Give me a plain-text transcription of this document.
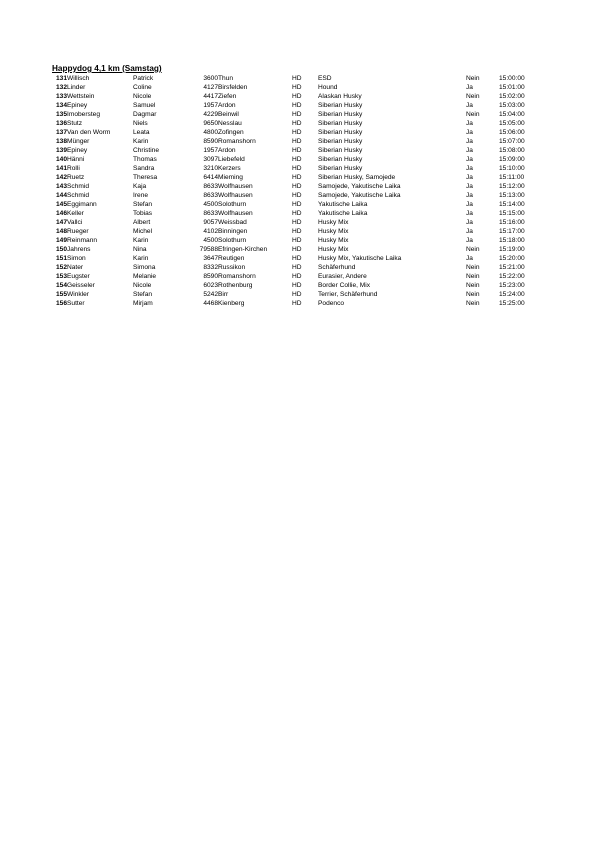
Happydog 4,1 km (Samstag)
131	Willisch	Patrick	3600	Thun	HD	ESD	Nein	15:00:00
132	Linder	Coline	4127	Birsfelden	HD	Hound	Ja	15:01:00
133	Wettstein	Nicole	4417	Ziefen	HD	Alaskan Husky	Nein	15:02:00
134	Epiney	Samuel	1957	Ardon	HD	Siberian Husky	Ja	15:03:00
135	Imobersteg	Dagmar	4229	Beinwil	HD	Siberian Husky	Nein	15:04:00
136	Stutz	Niels	9650	Nesslau	HD	Siberian Husky	Ja	15:05:00
137	Van den Worm	Leata	4800	Zofingen	HD	Siberian Husky	Ja	15:06:00
138	Münger	Karin	8590	Romanshorn	HD	Siberian Husky	Ja	15:07:00
139	Epiney	Christine	1957	Ardon	HD	Siberian Husky	Ja	15:08:00
140	Hänni	Thomas	3097	Liebefeld	HD	Siberian Husky	Ja	15:09:00
141	Rolli	Sandra	3210	Kerzers	HD	Siberian Husky	Ja	15:10:00
142	Ruetz	Theresa	6414	Mieming	HD	Siberian Husky, Samojede	Ja	15:11:00
143	Schmid	Kaja	8633	Wolfhausen	HD	Samojede, Yakutische Laika	Ja	15:12:00
144	Schmid	Irene	8633	Wolfhausen	HD	Samojede, Yakutische Laika	Ja	15:13:00
145	Eggimann	Stefan	4500	Solothurn	HD	Yakutische Laika	Ja	15:14:00
146	Keller	Tobias	8633	Wolfhausen	HD	Yakutische Laika	Ja	15:15:00
147	Vallci	Albert	9057	Weissbad	HD	Husky Mix	Ja	15:16:00
148	Rueger	Michel	4102	Binningen	HD	Husky Mix	Ja	15:17:00
149	Reinmann	Karin	4500	Solothurn	HD	Husky Mix	Ja	15:18:00
150	Jahrens	Nina	79588	Efringen-Kirchen	HD	Husky Mix	Nein	15:19:00
151	Simon	Karin	3647	Reutigen	HD	Husky Mix, Yakutische Laika	Ja	15:20:00
152	Nater	Simona	8332	Russikon	HD	Schäferhund	Nein	15:21:00
153	Eugster	Melanie	8590	Romanshorn	HD	Eurasier, Andere	Nein	15:22:00
154	Geisseler	Nicole	6023	Rothenburg	HD	Border Collie, Mix	Nein	15:23:00
155	Winkler	Stefan	5242	Birr	HD	Terrier, Schäferhund	Nein	15:24:00
156	Sutter	Mirjam	4468	Kienberg	HD	Podenco	Nein	15:25:00
